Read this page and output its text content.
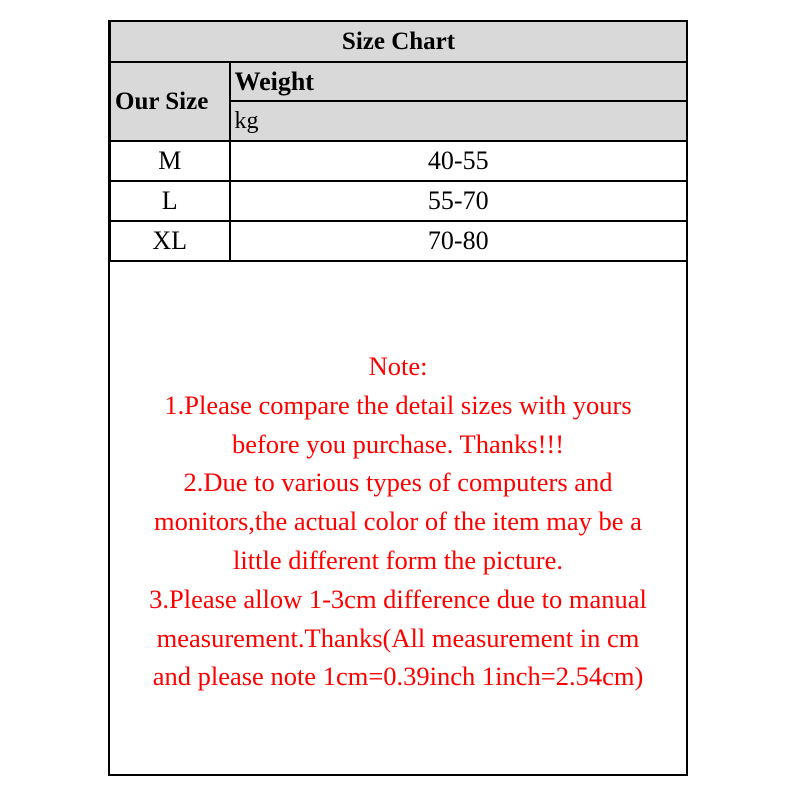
Size Chart	
Our Size	Weight
	kg
M	40-55
L	55-70
XL	70-80
Note:
1.Please compare the detail sizes with yours
before you purchase. Thanks!!!
2.Due to various types of computers and
monitors,the actual color of the item may be a
little different form the picture.
3.Please allow 1-3cm difference due to manual
measurement.Thanks(All measurement in cm
and please note 1cm=0.39inch 1inch=2.54cm)
